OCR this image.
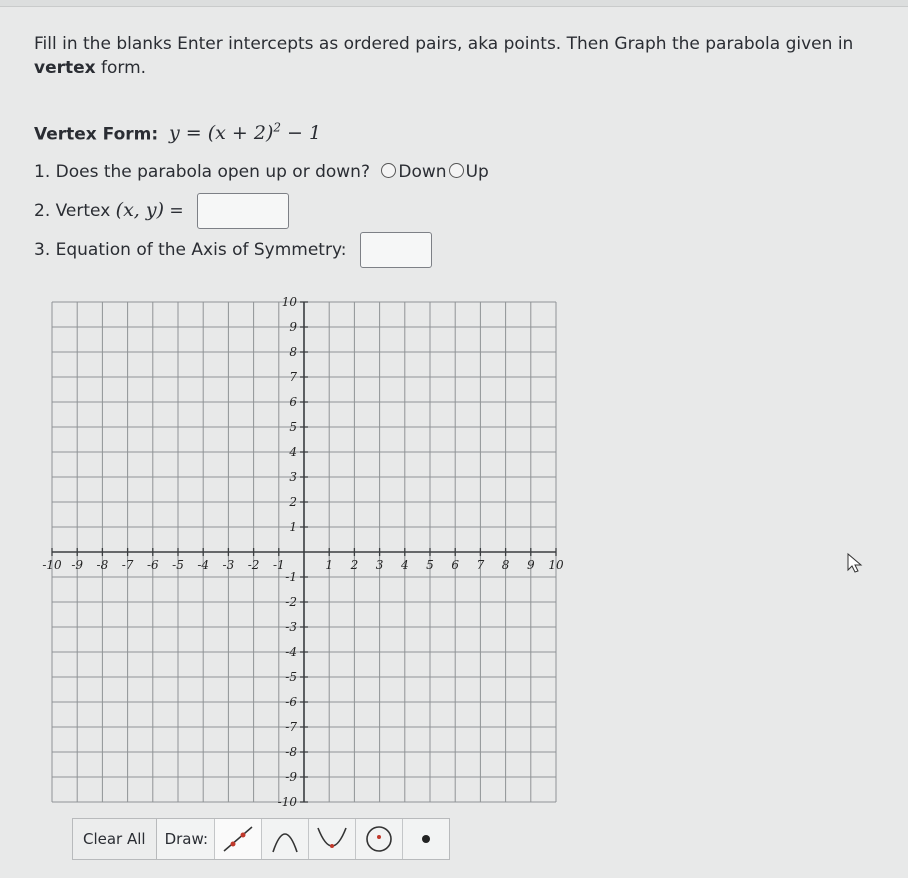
Fill in the blanks Enter intercepts as ordered pairs, aka points. Then Graph the parabola given in
vertex form.
Vertex Form: $y = (x + 2)^2 - 1$
1. Does the parabola open up or down? Down Up
2. Vertex (x, y) =
3. Equation of the Axis of Symmetry:
-10 -9 -8 -7 -6 -5 -4 -3 -2 -1	1 2 3 4 5 6 7 8 9 10
10
9
8
7
6
5
4
3
2
1
-1
-2
-3
-4
-5
-6
-7
-8
-9
-10
Clear All	Draw:
